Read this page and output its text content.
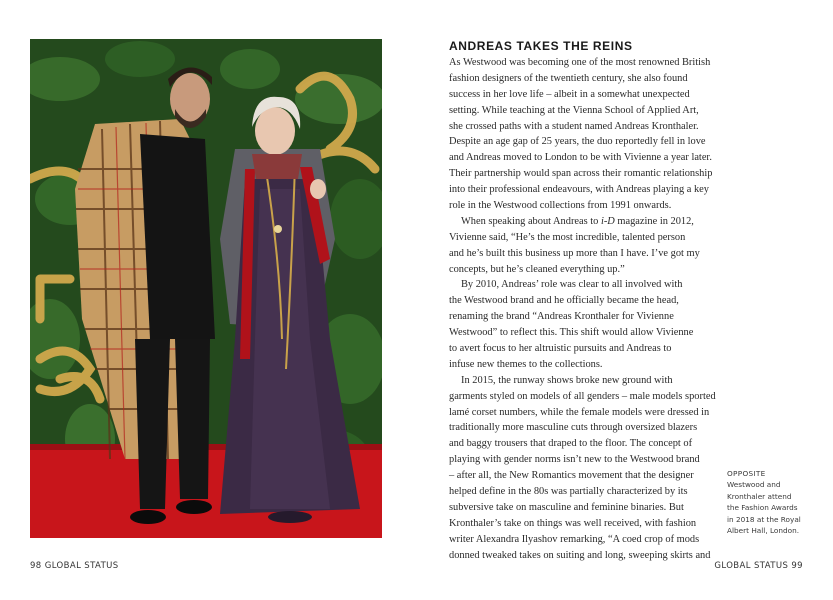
ANDREAS TAKES THE REINS
As Westwood was becoming one of the most renowned British
fashion designers of the twentieth century, she also found
success in her love life – albeit in a somewhat unexpected
setting. While teaching at the Vienna School of Applied Art,
she crossed paths with a student named Andreas Kronthaler.
Despite an age gap of 25 years, the duo reportedly fell in love
and Andreas moved to London to be with Vivienne a year later.
Their partnership would span across their romantic relationship
into their professional endeavours, with Andreas playing a key
role in the Westwood collections from 1991 onwards.
When speaking about Andreas to i-D magazine in 2012,
Vivienne said, “He’s the most incredible, talented person
and he’s built this business up more than I have. I’ve got my
concepts, but he’s cleaned everything up.”
By 2010, Andreas’ role was clear to all involved with
the Westwood brand and he officially became the head,
renaming the brand “Andreas Kronthaler for Vivienne
Westwood” to reflect this. This shift would allow Vivienne
to avert focus to her altruistic pursuits and Andreas to
infuse new themes to the collections.
In 2015, the runway shows broke new ground with
garments styled on models of all genders – male models sported
lamé corset numbers, while the female models were dressed in
traditionally more masculine cuts through oversized blazers
and baggy trousers that draped to the floor. The concept of
playing with gender norms isn’t new to the Westwood brand
– after all, the New Romantics movement that the designer
helped define in the 80s was partially characterized by its
subversive take on masculine and feminine binaries. But
Kronthaler’s take on things was well received, with fashion
writer Alexandra Ilyashov remarking, “A coed crop of mods
donned tweaked takes on suiting and long, sweeping skirts and
OPPOSITE
Westwood and
Kronthaler attend
the Fashion Awards
in 2018 at the Royal
Albert Hall, London.
98 GLOBAL STATUS	GLOBAL STATUS 99
